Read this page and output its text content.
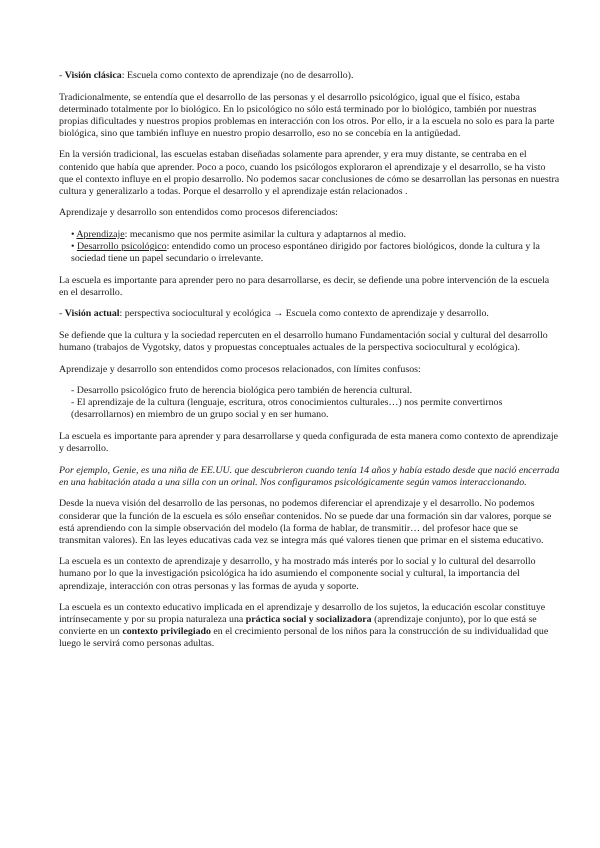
- Visión clásica: Escuela como contexto de aprendizaje (no de desarrollo).

Tradicionalmente, se entendía que el desarrollo de las personas y el desarrollo psicológico, igual que el físico, estaba determinado totalmente por lo biológico. En lo psicológico no sólo está terminado por lo biológico, también por nuestras propias dificultades y nuestros propios problemas en interacción con los otros. Por ello, ir a la escuela no solo es para la parte biológica, sino que también influye en nuestro propio desarrollo, eso no se concebía en la antigüedad.

En la versión tradicional, las escuelas estaban diseñadas solamente para aprender, y era muy distante, se centraba en el contenido que había que aprender. Poco a poco, cuando los psicólogos exploraron el aprendizaje y el desarrollo, se ha visto que el contexto influye en el propio desarrollo. No podemos sacar conclusiones de cómo se desarrollan las personas en nuestra cultura y generalizarlo a todas. Porque el desarrollo y el aprendizaje están relacionados .

Aprendizaje y desarrollo son entendidos como procesos diferenciados:

• Aprendizaje: mecanismo que nos permite asimilar la cultura y adaptarnos al medio.
• Desarrollo psicológico: entendido como un proceso espontáneo dirigido por factores biológicos, donde la cultura y la sociedad tiene un papel secundario o irrelevante.

La escuela es importante para aprender pero no para desarrollarse, es decir, se defiende una pobre intervención de la escuela en el desarrollo.

- Visión actual: perspectiva sociocultural y ecológica → Escuela como contexto de aprendizaje y desarrollo.

Se defiende que la cultura y la sociedad repercuten en el desarrollo humano Fundamentación social y cultural del desarrollo humano (trabajos de Vygotsky, datos y propuestas conceptuales actuales de la perspectiva sociocultural y ecológica).

Aprendizaje y desarrollo son entendidos como procesos relacionados, con límites confusos:

- Desarrollo psicológico fruto de herencia biológica pero también de herencia cultural.
- El aprendizaje de la cultura (lenguaje, escritura, otros conocimientos culturales…) nos permite convertirnos (desarrollarnos) en miembro de un grupo social y en ser humano.

La escuela es importante para aprender y para desarrollarse y queda configurada de esta manera como contexto de aprendizaje y desarrollo.

Por ejemplo, Genie, es una niña de EE.UU. que descubrieron cuando tenía 14 años y había estado desde que nació encerrada en una habitación atada a una silla con un orinal. Nos configuramos psicológicamente según vamos interaccionando.

Desde la nueva visión del desarrollo de las personas, no podemos diferenciar el aprendizaje y el desarrollo. No podemos considerar que la función de la escuela es sólo enseñar contenidos. No se puede dar una formación sin dar valores, porque se está aprendiendo con la simple observación del modelo (la forma de hablar, de transmitir… del profesor hace que se transmitan valores). En las leyes educativas cada vez se integra más qué valores tienen que primar en el sistema educativo.

La escuela es un contexto de aprendizaje y desarrollo, y ha mostrado más interés por lo social y lo cultural del desarrollo humano por lo que la investigación psicológica ha ido asumiendo el componente social y cultural, la importancia del aprendizaje, interacción con otras personas y las formas de ayuda y soporte.

La escuela es un contexto educativo implicada en el aprendizaje y desarrollo de los sujetos, la educación escolar constituye intrínsecamente y por su propia naturaleza una práctica social y socializadora (aprendizaje conjunto), por lo que está se convierte en un contexto privilegiado en el crecimiento personal de los niños para la construcción de su individualidad que luego le servirá como personas adultas.
